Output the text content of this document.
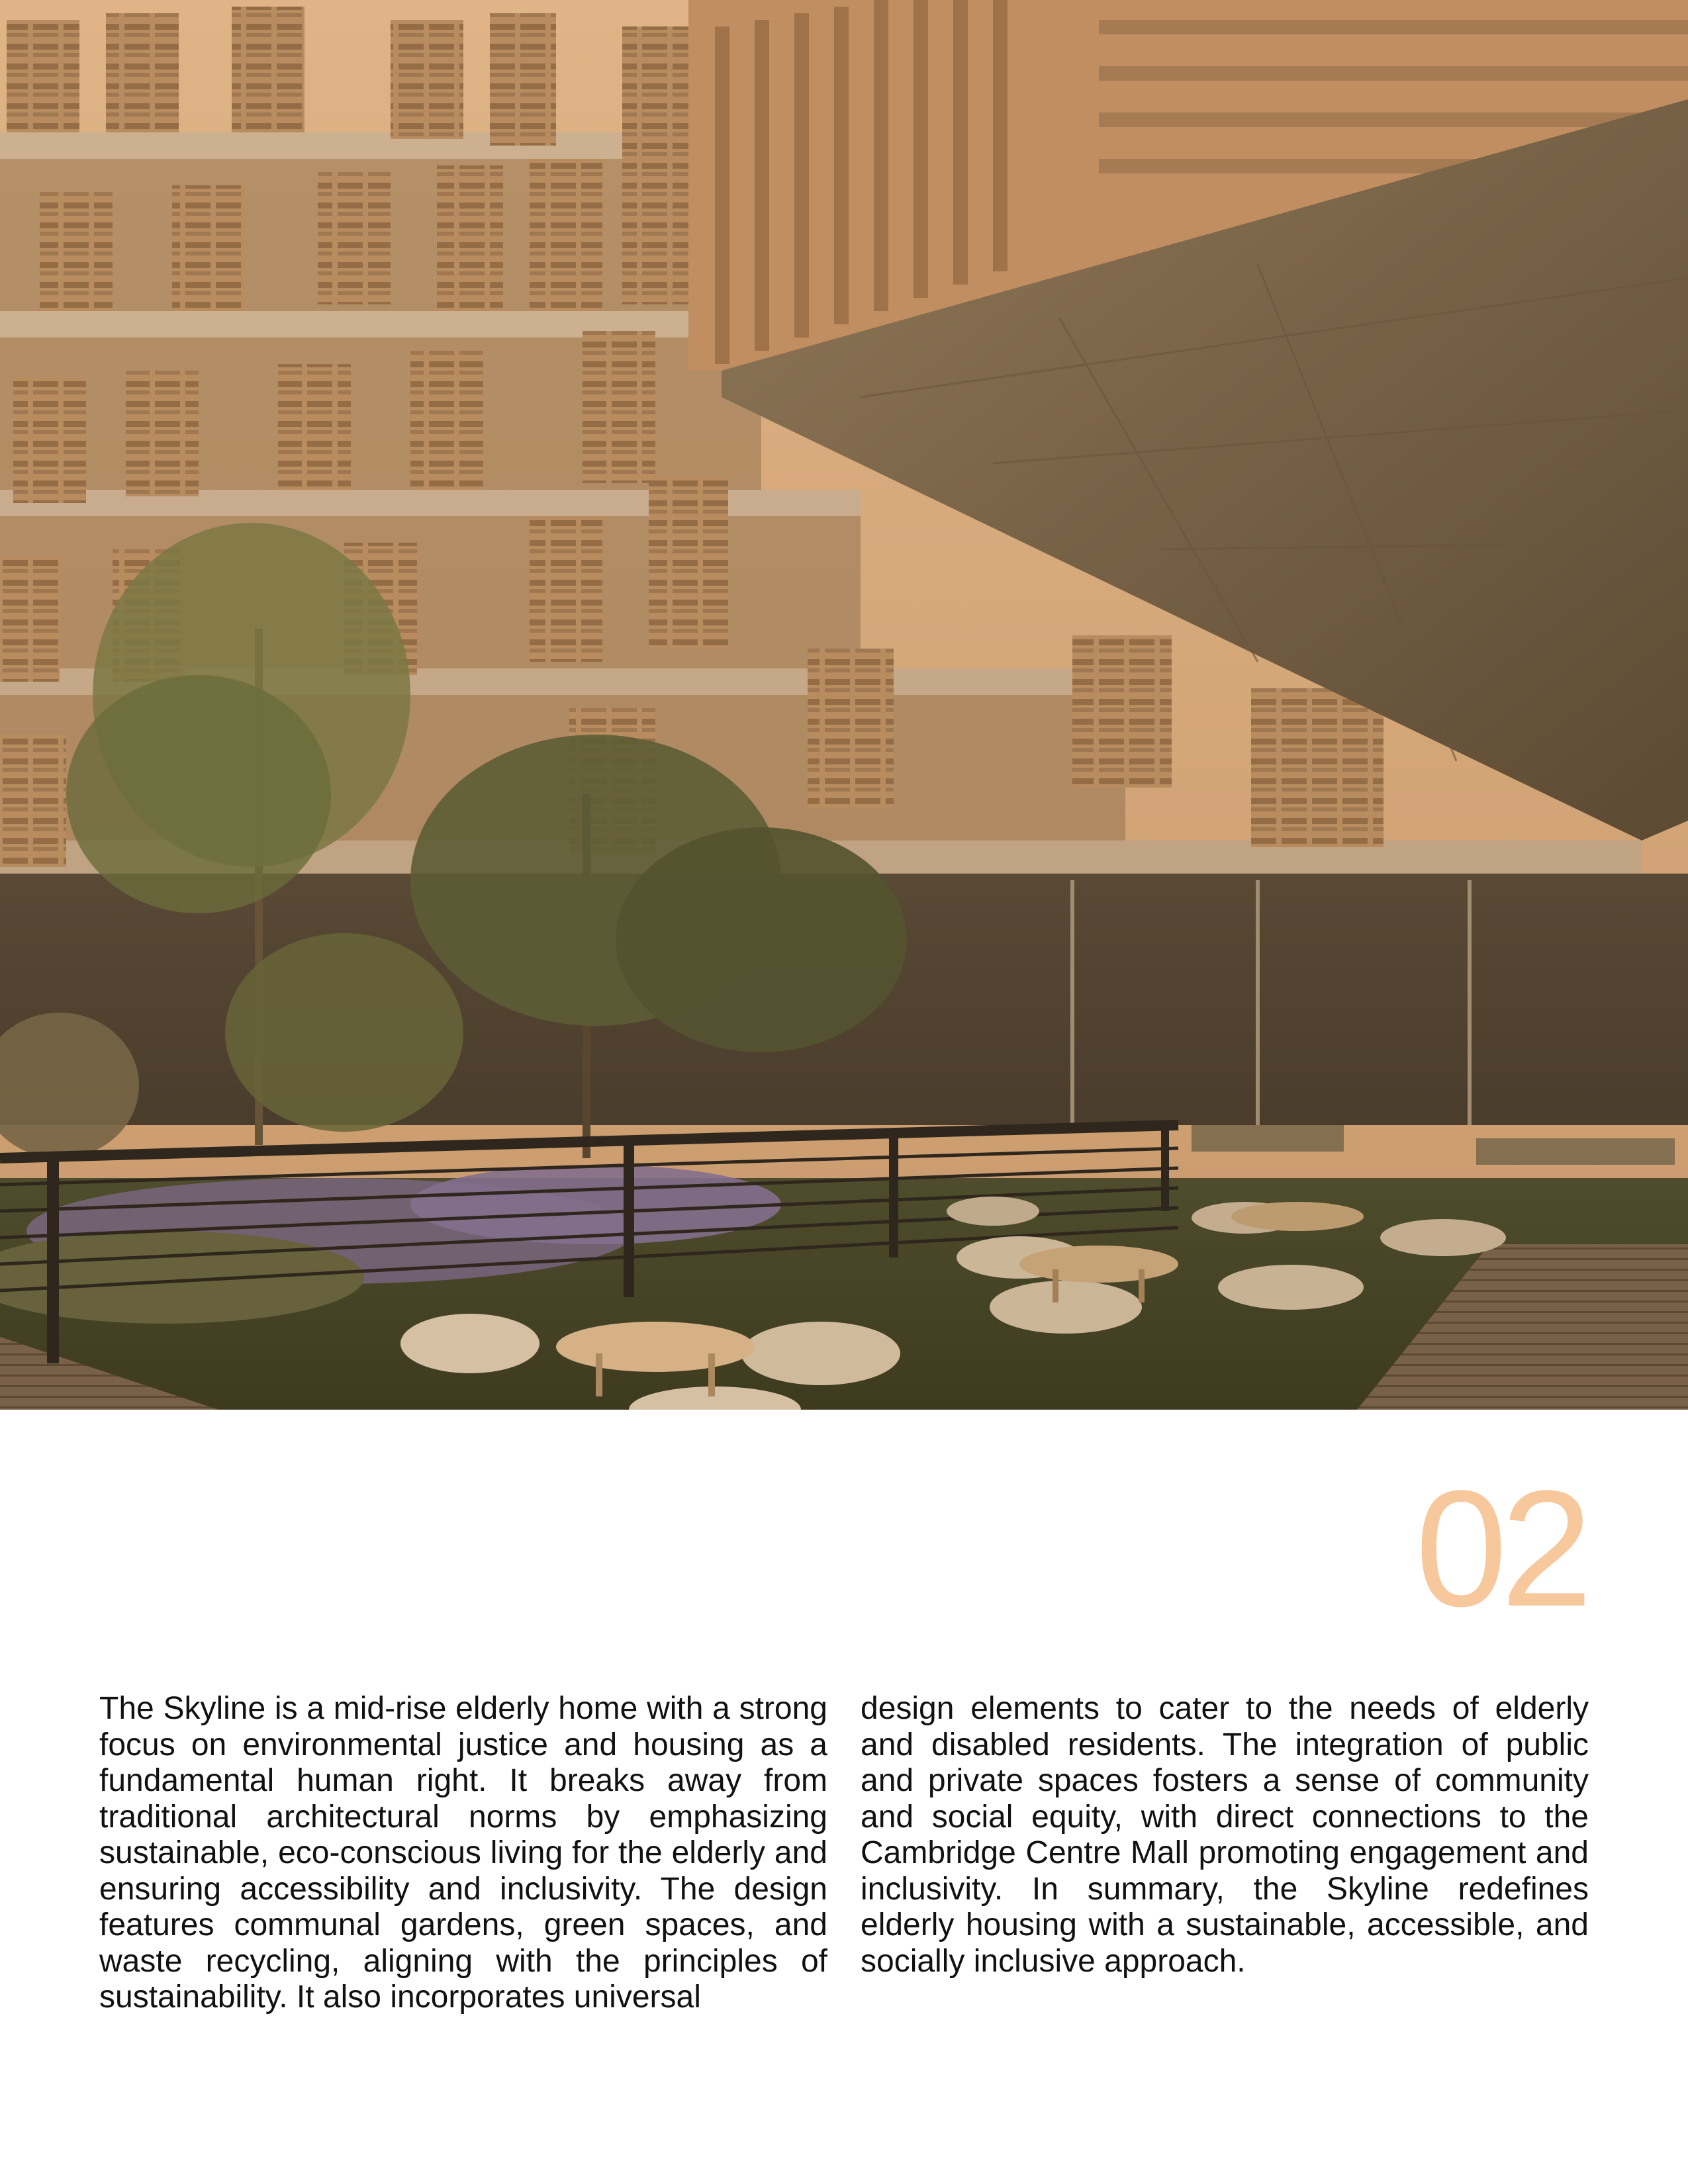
02

The Skyline is a mid-rise elderly home with a strong focus on environmental justice and housing as a fundamental human right. It breaks away from traditional architectural norms by emphasizing sustainable, eco-conscious living for the elderly and ensuring accessibility and inclusivity. The design features communal gardens, green spaces, and waste recycling, aligning with the principles of sustainability. It also incorporates universal

design elements to cater to the needs of elderly and disabled residents. The integration of public and private spaces fosters a sense of community and social equity, with direct connections to the Cambridge Centre Mall promoting engagement and inclusivity. In summary, the Skyline redefines elderly housing with a sustainable, accessible, and socially inclusive approach.
